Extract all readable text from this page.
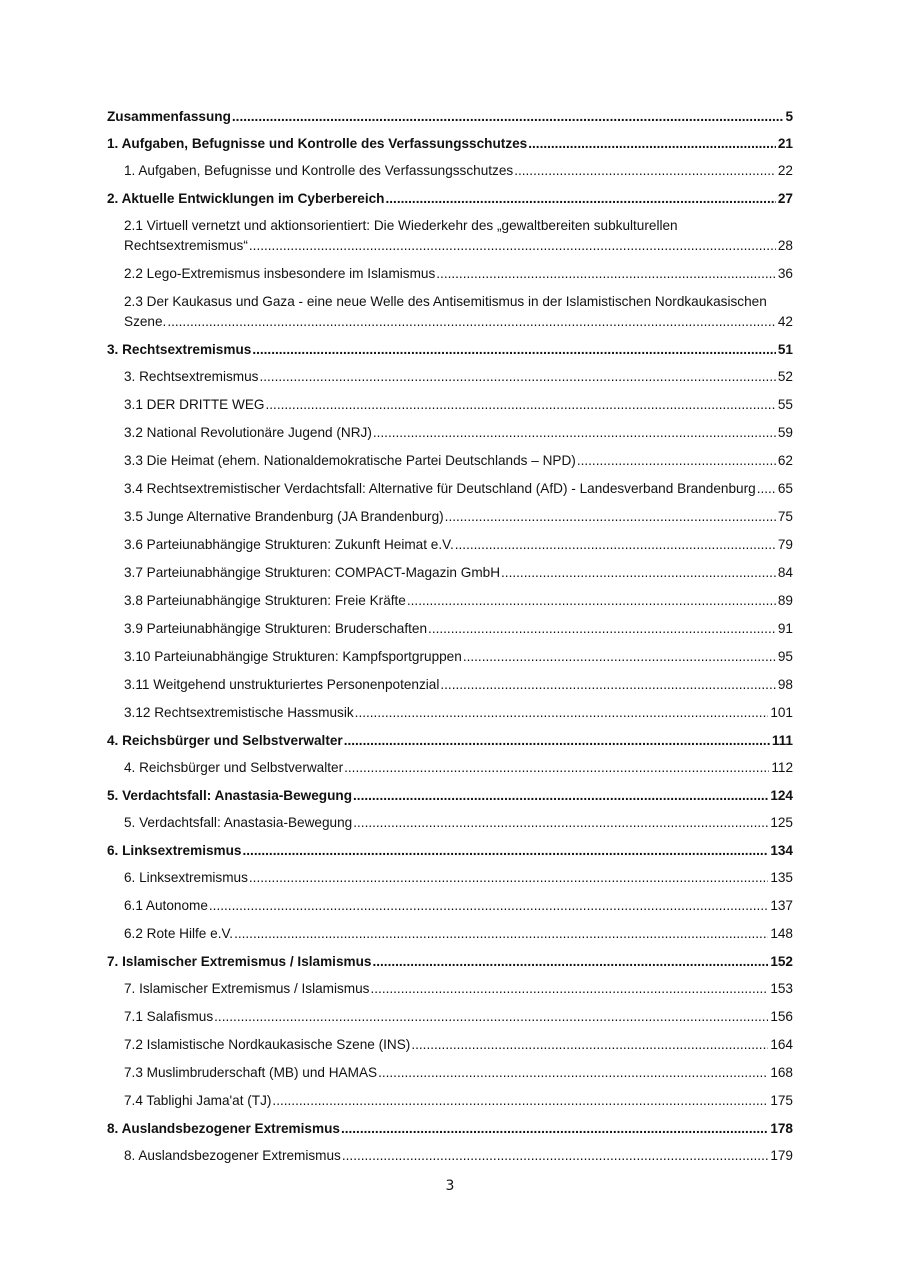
Zusammenfassung .....	5
1. Aufgaben, Befugnisse und Kontrolle des Verfassungsschutzes .....	21
1. Aufgaben, Befugnisse und Kontrolle des Verfassungsschutzes .....	22
2. Aktuelle Entwicklungen im Cyberbereich .....	27
2.1 Virtuell vernetzt und aktionsorientiert: Die Wiederkehr des „gewaltbereiten subkulturellen
Rechtsextremismus“ .....	28
2.2 Lego-Extremismus insbesondere im Islamismus .....	36
2.3 Der Kaukasus und Gaza - eine neue Welle des Antisemitismus in der Islamistischen Nordkaukasischen
Szene. .....	42
3. Rechtsextremismus .....	51
3. Rechtsextremismus .....	52
3.1 DER DRITTE WEG .....	55
3.2 National Revolutionäre Jugend (NRJ) .....	59
3.3 Die Heimat (ehem. Nationaldemokratische Partei Deutschlands – NPD) .....	62
3.4 Rechtsextremistischer Verdachtsfall: Alternative für Deutschland (AfD) - Landesverband Brandenburg ..... 65
3.5 Junge Alternative Brandenburg (JA Brandenburg) .....	75
3.6 Parteiunabhängige Strukturen: Zukunft Heimat e.V. .....	79
3.7 Parteiunabhängige Strukturen: COMPACT-Magazin GmbH .....	84
3.8 Parteiunabhängige Strukturen: Freie Kräfte .....	89
3.9 Parteiunabhängige Strukturen: Bruderschaften .....	91
3.10 Parteiunabhängige Strukturen: Kampfsportgruppen .....	95
3.11 Weitgehend unstrukturiertes Personenpotenzial .....	98
3.12 Rechtsextremistische Hassmusik .....	101
4. Reichsbürger und Selbstverwalter .....	111
4. Reichsbürger und Selbstverwalter .....	112
5. Verdachtsfall: Anastasia-Bewegung .....	124
5. Verdachtsfall: Anastasia-Bewegung .....	125
6. Linksextremismus .....	134
6. Linksextremismus .....	135
6.1 Autonome .....	137
6.2 Rote Hilfe e.V. .....	148
7. Islamischer Extremismus / Islamismus .....	152
7. Islamischer Extremismus / Islamismus .....	153
7.1 Salafismus .....	156
7.2 Islamistische Nordkaukasische Szene (INS) .....	164
7.3 Muslimbruderschaft (MB) und HAMAS .....	168
7.4 Tablighi Jama'at (TJ) .....	175
8. Auslandsbezogener Extremismus .....	178
8. Auslandsbezogener Extremismus .....	179
3
